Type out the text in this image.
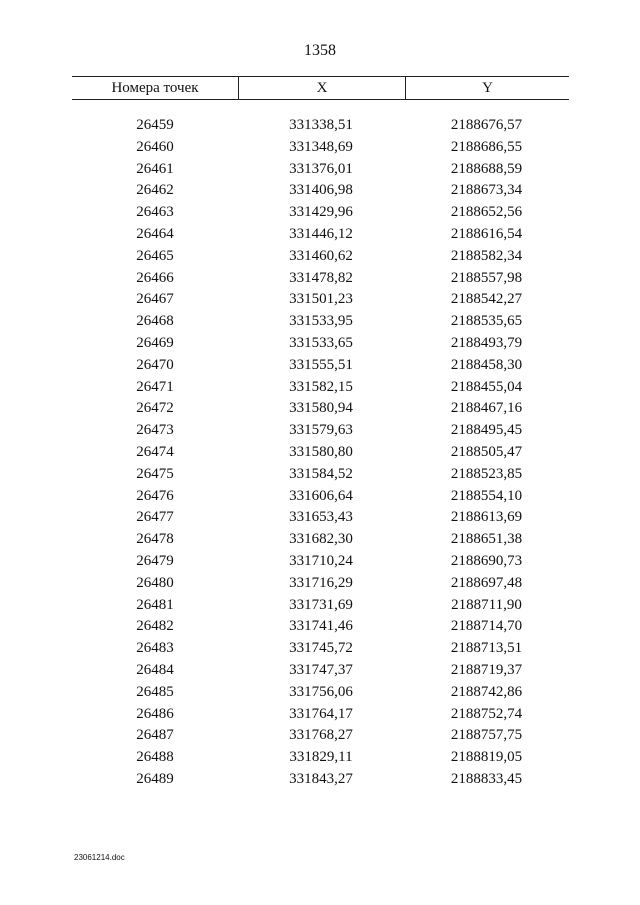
1358
Номера точек	X	Y
26459	331338,51	2188676,57
26460	331348,69	2188686,55
26461	331376,01	2188688,59
26462	331406,98	2188673,34
26463	331429,96	2188652,56
26464	331446,12	2188616,54
26465	331460,62	2188582,34
26466	331478,82	2188557,98
26467	331501,23	2188542,27
26468	331533,95	2188535,65
26469	331533,65	2188493,79
26470	331555,51	2188458,30
26471	331582,15	2188455,04
26472	331580,94	2188467,16
26473	331579,63	2188495,45
26474	331580,80	2188505,47
26475	331584,52	2188523,85
26476	331606,64	2188554,10
26477	331653,43	2188613,69
26478	331682,30	2188651,38
26479	331710,24	2188690,73
26480	331716,29	2188697,48
26481	331731,69	2188711,90
26482	331741,46	2188714,70
26483	331745,72	2188713,51
26484	331747,37	2188719,37
26485	331756,06	2188742,86
26486	331764,17	2188752,74
26487	331768,27	2188757,75
26488	331829,11	2188819,05
26489	331843,27	2188833,45
23061214.doc
